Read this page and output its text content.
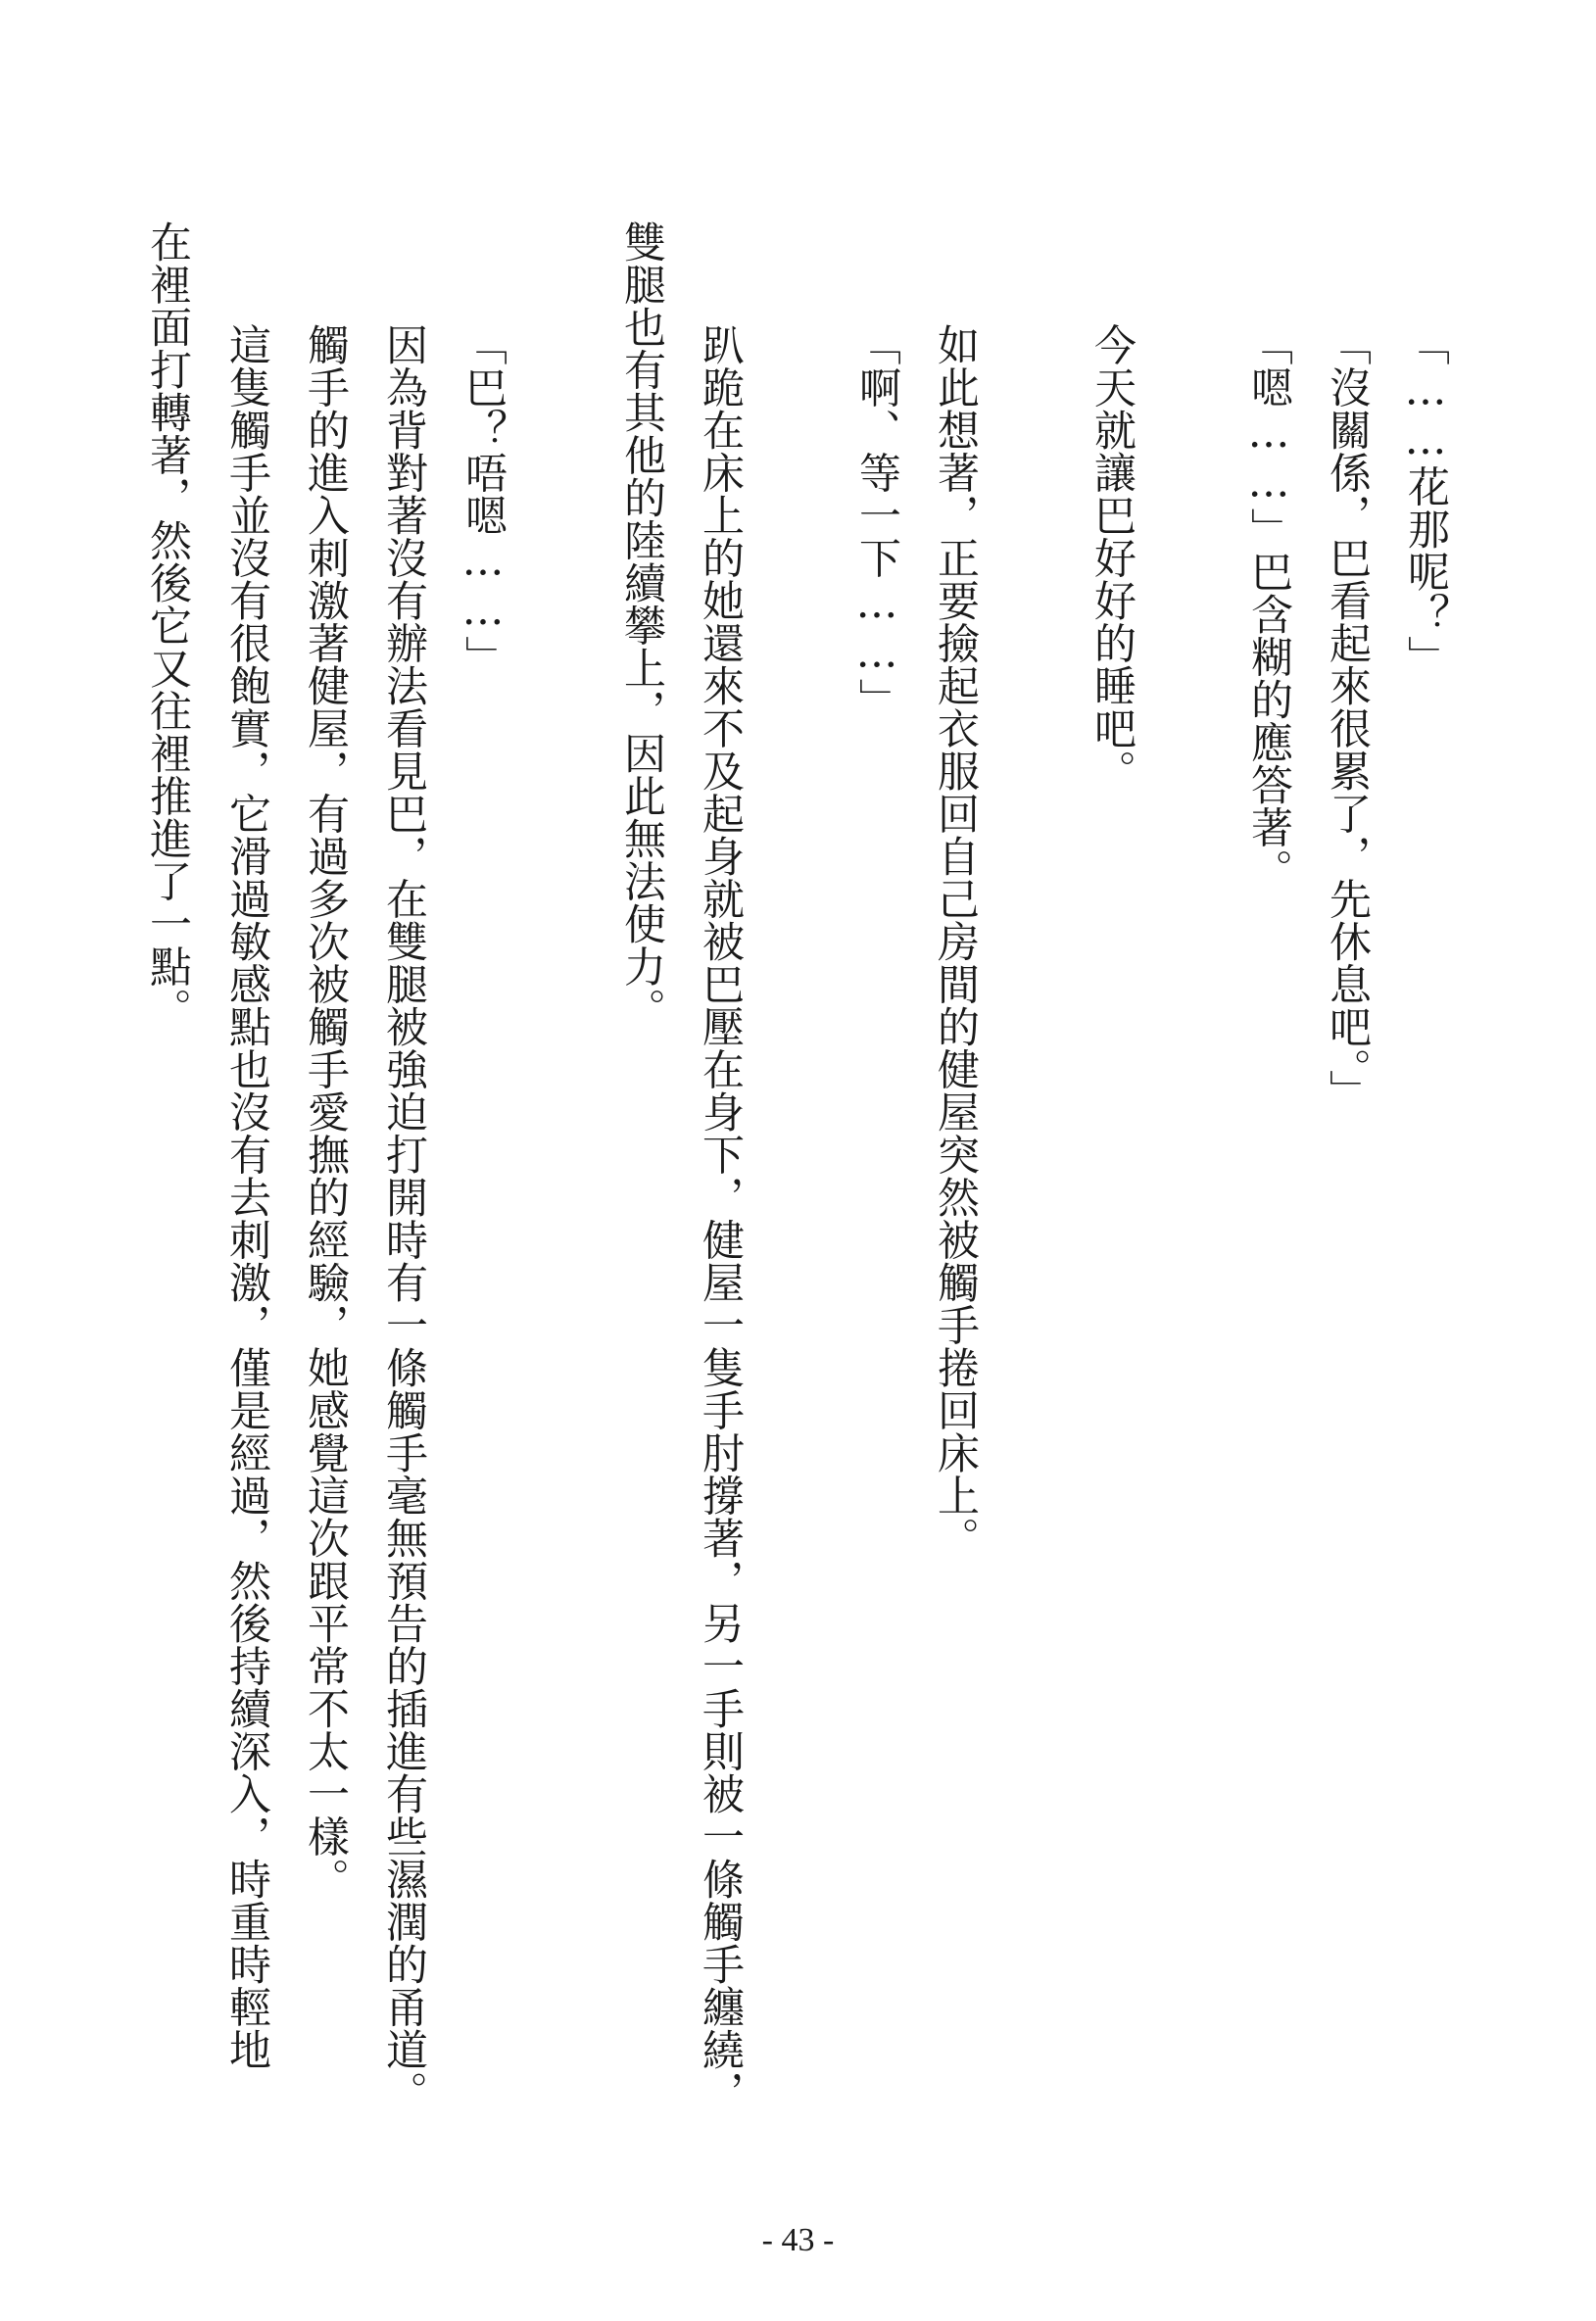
「……花那呢？」
「沒關係，巴看起來很累了，先休息吧。」
「嗯……」巴含糊的應答著。
今天就讓巴好好的睡吧。
如此想著，正要撿起衣服回自己房間的健屋突然被觸手捲回床上。
「啊、等一下……」
趴跪在床上的她還來不及起身就被巴壓在身下，健屋一隻手肘撐著，另一手則被一條觸手纏繞，
雙腿也有其他的陸續攀上，因此無法使力。
「巴？唔嗯……」
因為背對著沒有辦法看見巴，在雙腿被強迫打開時有一條觸手毫無預告的插進有些濕潤的甬道。
觸手的進入刺激著健屋，有過多次被觸手愛撫的經驗，她感覺這次跟平常不太一樣。
這隻觸手並沒有很飽實，它滑過敏感點也沒有去刺激，僅是經過，然後持續深入，時重時輕地
在裡面打轉著，然後它又往裡推進了一點。
- 43 -
